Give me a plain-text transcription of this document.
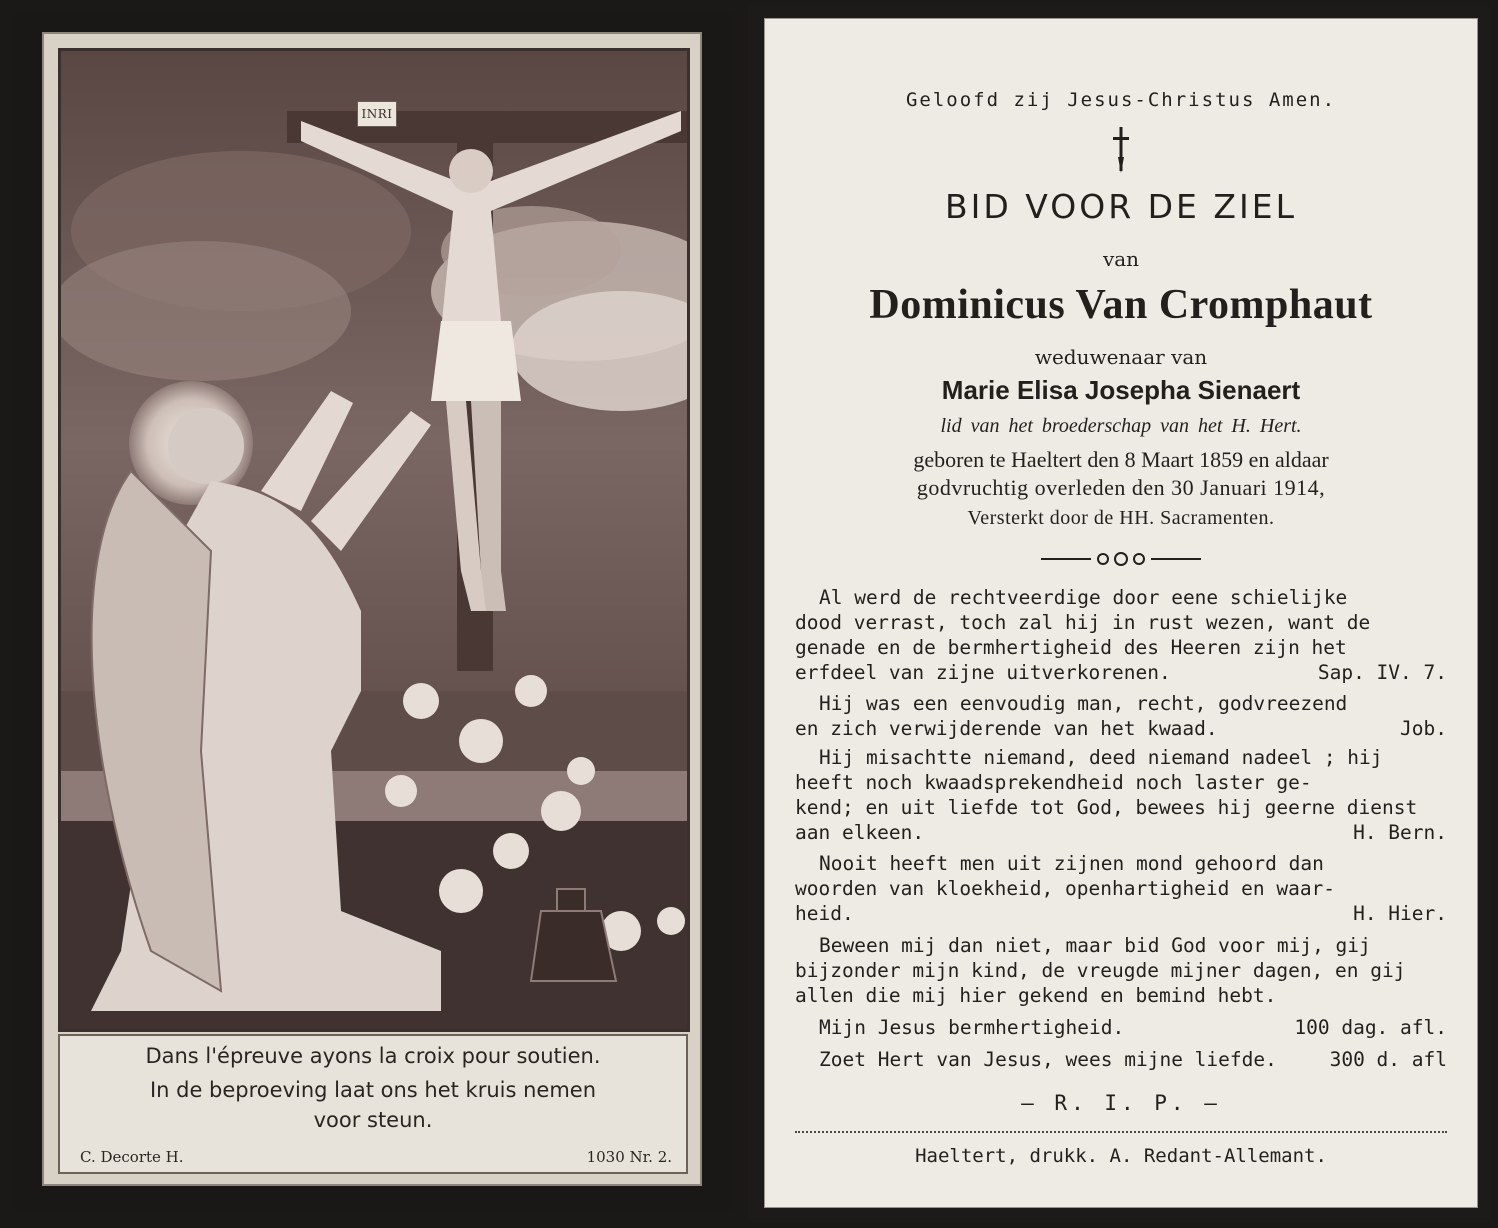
INRI
Dans l'épreuve ayons la croix pour soutien.
In de beproeving laat ons het kruis nemen
voor steun.
C. Decorte H.	1030 Nr. 2.
Geloofd zij Jesus-Christus Amen.
BID VOOR DE ZIEL
van
Dominicus Van Cromphaut
weduwenaar van
Marie Elisa Josepha Sienaert
lid van het broederschap van het H. Hert.
geboren te Haeltert den 8 Maart 1859 en aldaar
godvruchtig overleden den 30 Januari 1914,
Versterkt door de HH. Sacramenten.
Al werd de rechtveerdige door eene schielijke
dood verrast, toch zal hij in rust wezen, want de
genade en de bermhertigheid des Heeren zijn het
erfdeel van zijne uitverkorenen.	Sap. IV. 7.
Hij was een eenvoudig man, recht, godvreezend
en zich verwijderende van het kwaad.	Job.
Hij misachtte niemand, deed niemand nadeel ; hij
heeft noch kwaadsprekendheid noch laster ge-
kend; en uit liefde tot God, bewees hij geerne dienst
aan elkeen.	H. Bern.
Nooit heeft men uit zijnen mond gehoord dan
woorden van kloekheid, openhartigheid en waar-
heid.	H. Hier.
Beween mij dan niet, maar bid God voor mij, gij
bijzonder mijn kind, de vreugde mijner dagen, en gij
allen die mij hier gekend en bemind hebt.
Mijn Jesus bermhertigheid.	100 dag. afl.
Zoet Hert van Jesus, wees mijne liefde.	300 d. afl
— R. I. P. —
Haeltert, drukk. A. Redant-Allemant.
